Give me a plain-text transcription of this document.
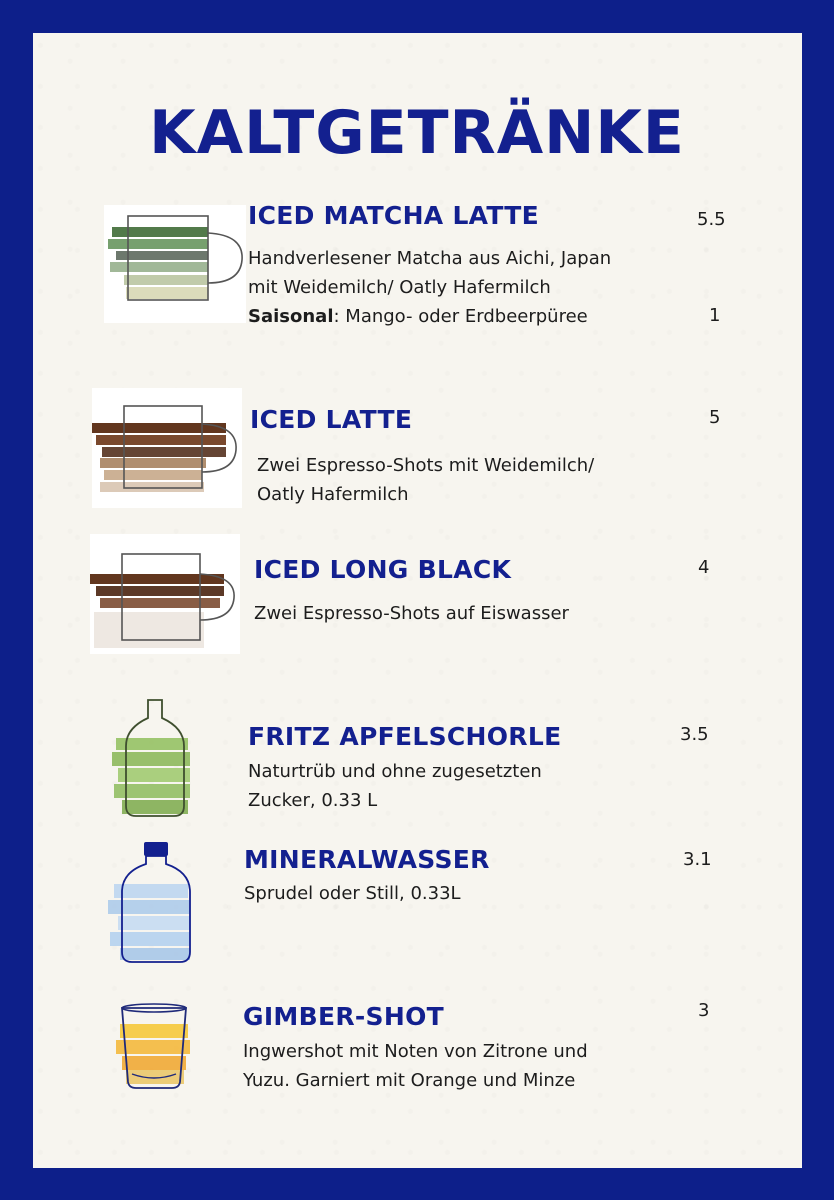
KALTGETRÄNKE
ICED MATCHA LATTE	5.5

Handverlesener Matcha aus Aichi, Japan

mit Weidemilch/ Oatly Hafermilch

Saisonal: Mango- oder Erdbeerpüree	1
ICED LATTE	5

Zwei Espresso-Shots mit Weidemilch/

Oatly Hafermilch

ICED LONG BLACK	4

Zwei Espresso-Shots auf Eiswasser

FRITZ APFELSCHORLE	3.5

Naturtrüb und ohne zugesetzten

Zucker, 0.33 L

MINERALWASSER	3.1

Sprudel oder Still, 0.33L

GIMBER-SHOT	3

Ingwershot mit Noten von Zitrone und

Yuzu. Garniert mit Orange und Minze
